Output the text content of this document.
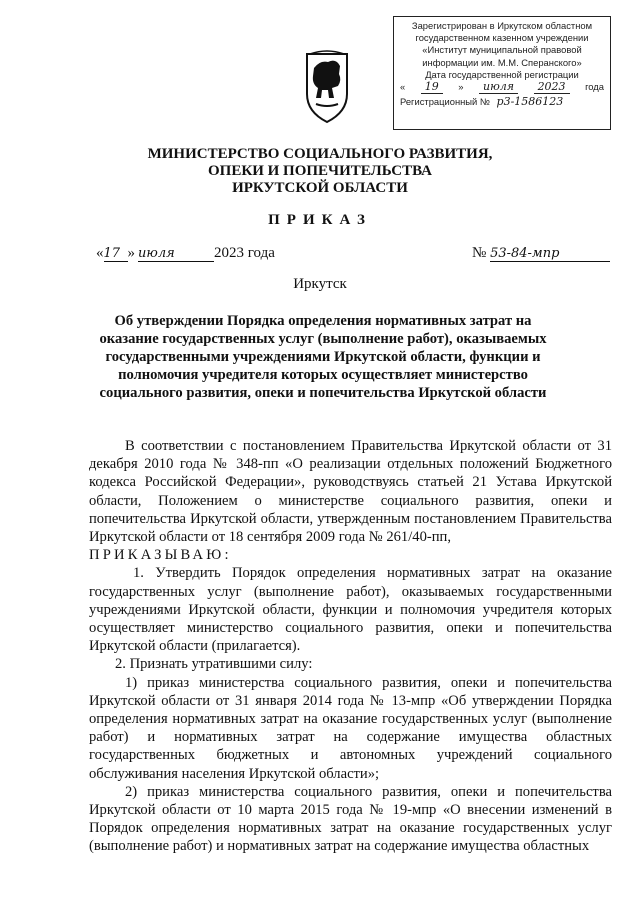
Зарегистрирован в Иркутском областном
государственном казенном учреждении
«Институт муниципальной правовой
информации им. М.М. Сперанского»
Дата государственной регистрации
«	19	»	июля	2023	года
Регистрационный № р3-1586123
МИНИСТЕРСТВО СОЦИАЛЬНОГО РАЗВИТИЯ,
ОПЕКИ И ПОПЕЧИТЕЛЬСТВА
ИРКУТСКОЙ ОБЛАСТИ
ПРИКАЗ
«17 » июля	2023 года	№ 53-84-мпр
Иркутск
Об утверждении Порядка определения нормативных затрат на оказание государственных услуг (выполнение работ), оказываемых государственными учреждениями Иркутской области, функции и полномочия учредителя которых осуществляет министерство социального развития, опеки и попечительства Иркутской области

В соответствии с постановлением Правительства Иркутской области от 31 декабря 2010 года № 348-пп «О реализации отдельных положений Бюджетного кодекса Российской Федерации», руководствуясь статьей 21 Устава Иркутской области, Положением о министерстве социального развития, опеки и попечительства Иркутской области, утвержденным постановлением Правительства Иркутской области от 18 сентября 2009 года № 261/40-пп,

ПРИКАЗЫВАЮ:

1. Утвердить Порядок определения нормативных затрат на оказание государственных услуг (выполнение работ), оказываемых государственными учреждениями Иркутской области, функции и полномочия учредителя которых осуществляет министерство социального развития, опеки и попечительства Иркутской области (прилагается).

2. Признать утратившими силу:

1) приказ министерства социального развития, опеки и попечительства Иркутской области от 31 января 2014 года № 13-мпр «Об утверждении Порядка определения нормативных затрат на оказание государственных услуг (выполнение работ) и нормативных затрат на содержание имущества областных государственных бюджетных и автономных учреждений социального обслуживания населения Иркутской области»;

2) приказ министерства социального развития, опеки и попечительства Иркутской области от 10 марта 2015 года № 19-мпр «О внесении изменений в Порядок определения нормативных затрат на оказание государственных услуг (выполнение работ) и нормативных затрат на содержание имущества областных
